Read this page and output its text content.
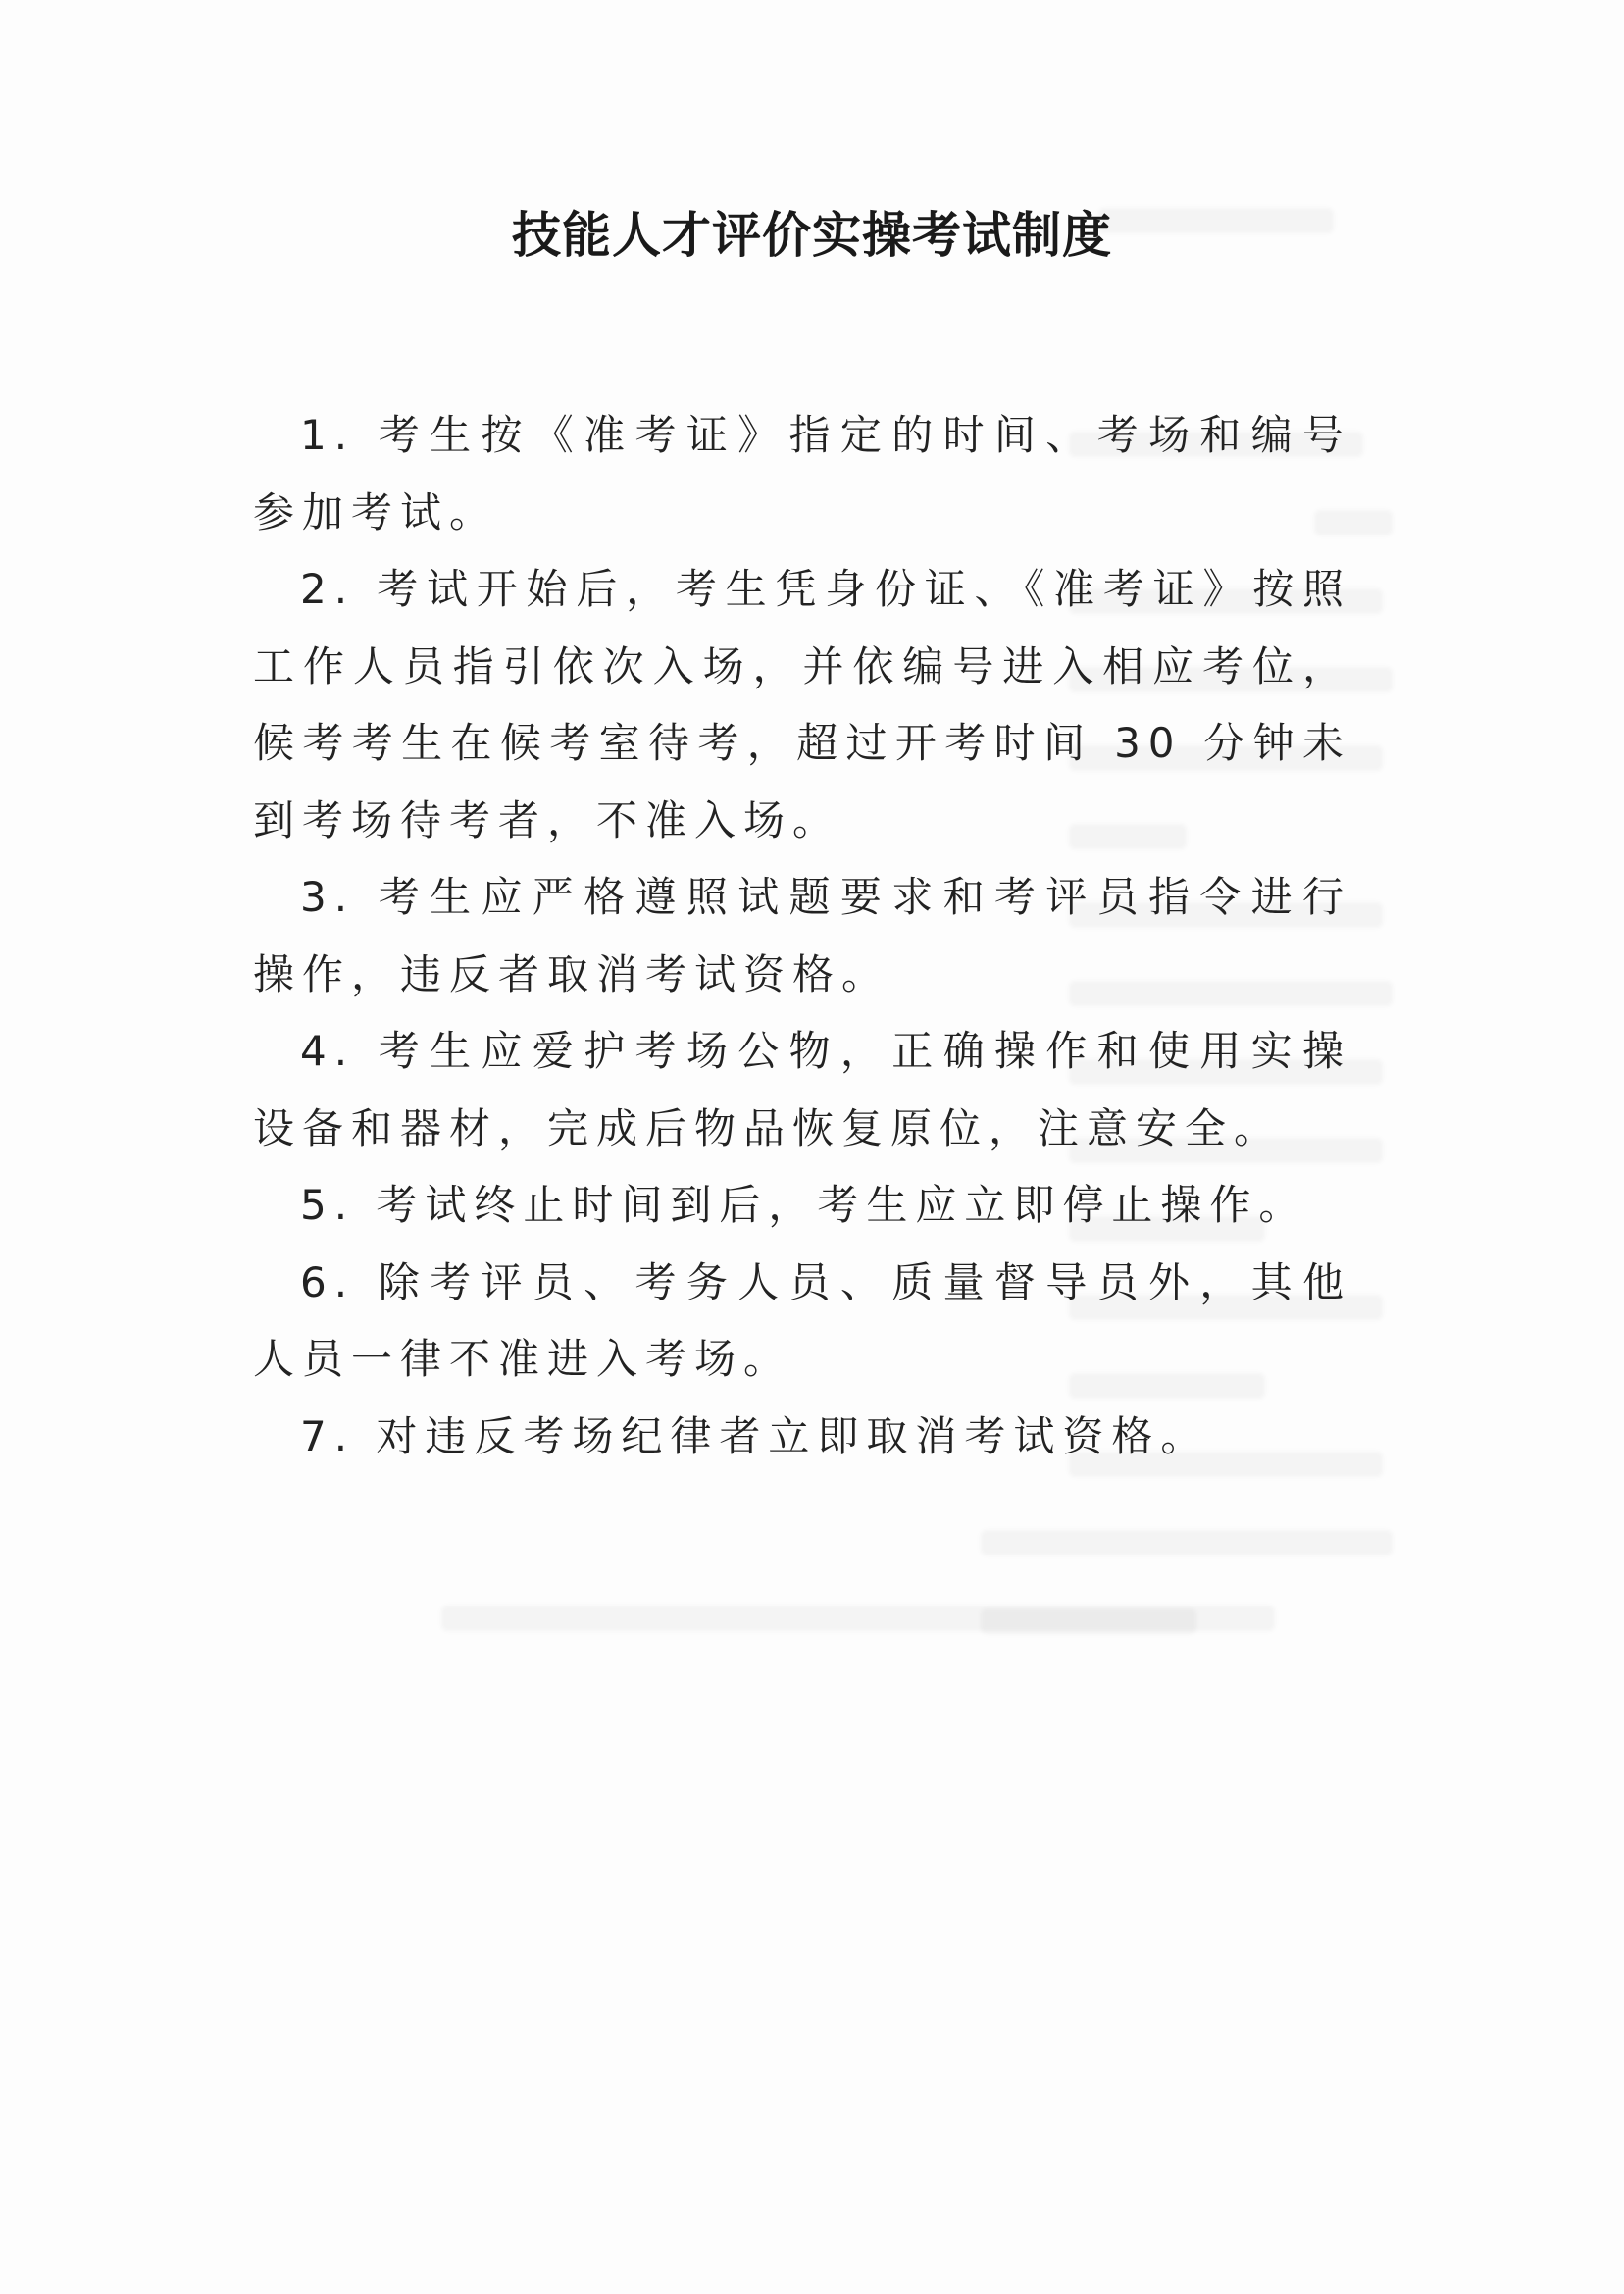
技能人才评价实操考试制度

1. 考生按《准考证》指定的时间、考场和编号参加考试。

2. 考试开始后，考生凭身份证、《准考证》按照工作人员指引依次入场，并依编号进入相应考位，候考考生在候考室待考，超过开考时间 30 分钟未到考场待考者，不准入场。

3. 考生应严格遵照试题要求和考评员指令进行操作，违反者取消考试资格。

4. 考生应爱护考场公物，正确操作和使用实操设备和器材，完成后物品恢复原位，注意安全。

5. 考试终止时间到后，考生应立即停止操作。

6. 除考评员、考务人员、质量督导员外，其他人员一律不准进入考场。

7. 对违反考场纪律者立即取消考试资格。
